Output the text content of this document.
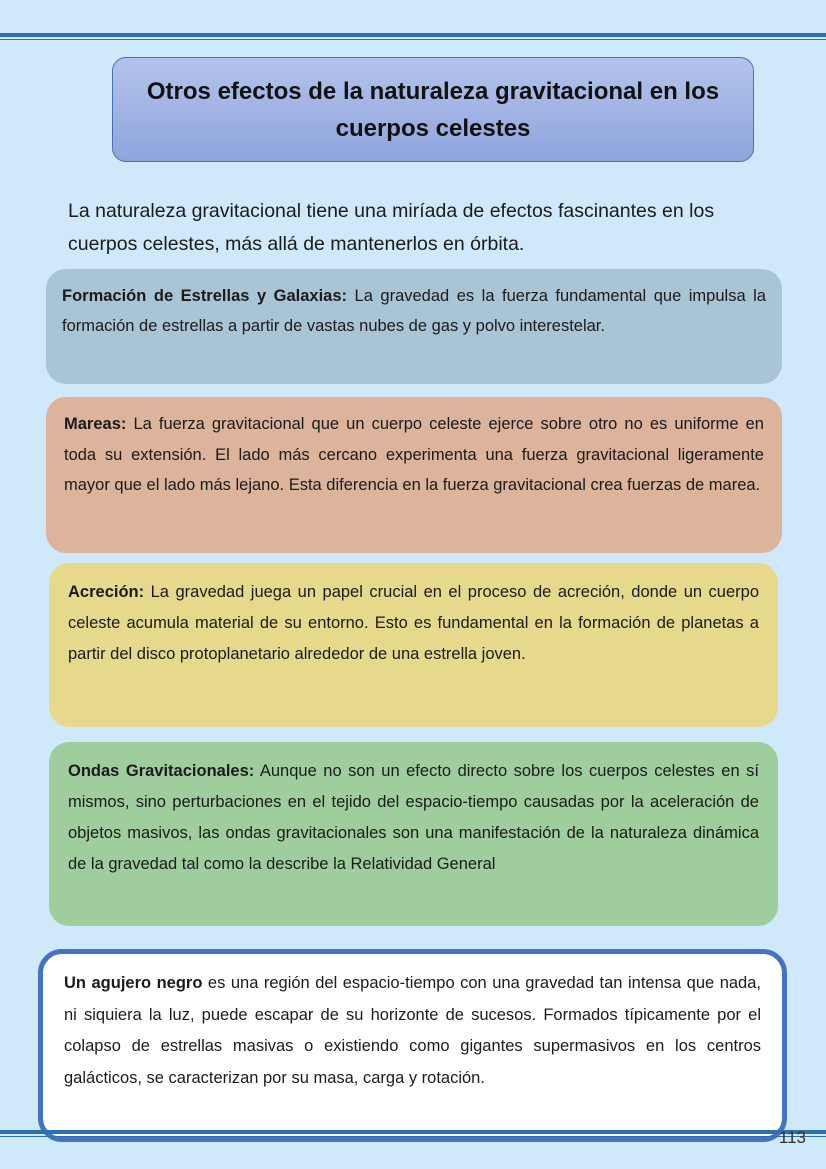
Otros efectos de la naturaleza gravitacional en los cuerpos celestes

La naturaleza gravitacional tiene una miríada de efectos fascinantes en los cuerpos celestes, más allá de mantenerlos en órbita.

Formación de Estrellas y Galaxias: La gravedad es la fuerza fundamental que impulsa la formación de estrellas a partir de vastas nubes de gas y polvo interestelar.

Mareas: La fuerza gravitacional que un cuerpo celeste ejerce sobre otro no es uniforme en toda su extensión. El lado más cercano experimenta una fuerza gravitacional ligeramente mayor que el lado más lejano. Esta diferencia en la fuerza gravitacional crea fuerzas de marea.

Acreción: La gravedad juega un papel crucial en el proceso de acreción, donde un cuerpo celeste acumula material de su entorno. Esto es fundamental en la formación de planetas a partir del disco protoplanetario alrededor de una estrella joven.

Ondas Gravitacionales: Aunque no son un efecto directo sobre los cuerpos celestes en sí mismos, sino perturbaciones en el tejido del espacio-tiempo causadas por la aceleración de objetos masivos, las ondas gravitacionales son una manifestación de la naturaleza dinámica de la gravedad tal como la describe la Relatividad General

Un agujero negro es una región del espacio-tiempo con una gravedad tan intensa que nada, ni siquiera la luz, puede escapar de su horizonte de sucesos. Formados típicamente por el colapso de estrellas masivas o existiendo como gigantes supermasivos en los centros galácticos, se caracterizan por su masa, carga y rotación.

113
